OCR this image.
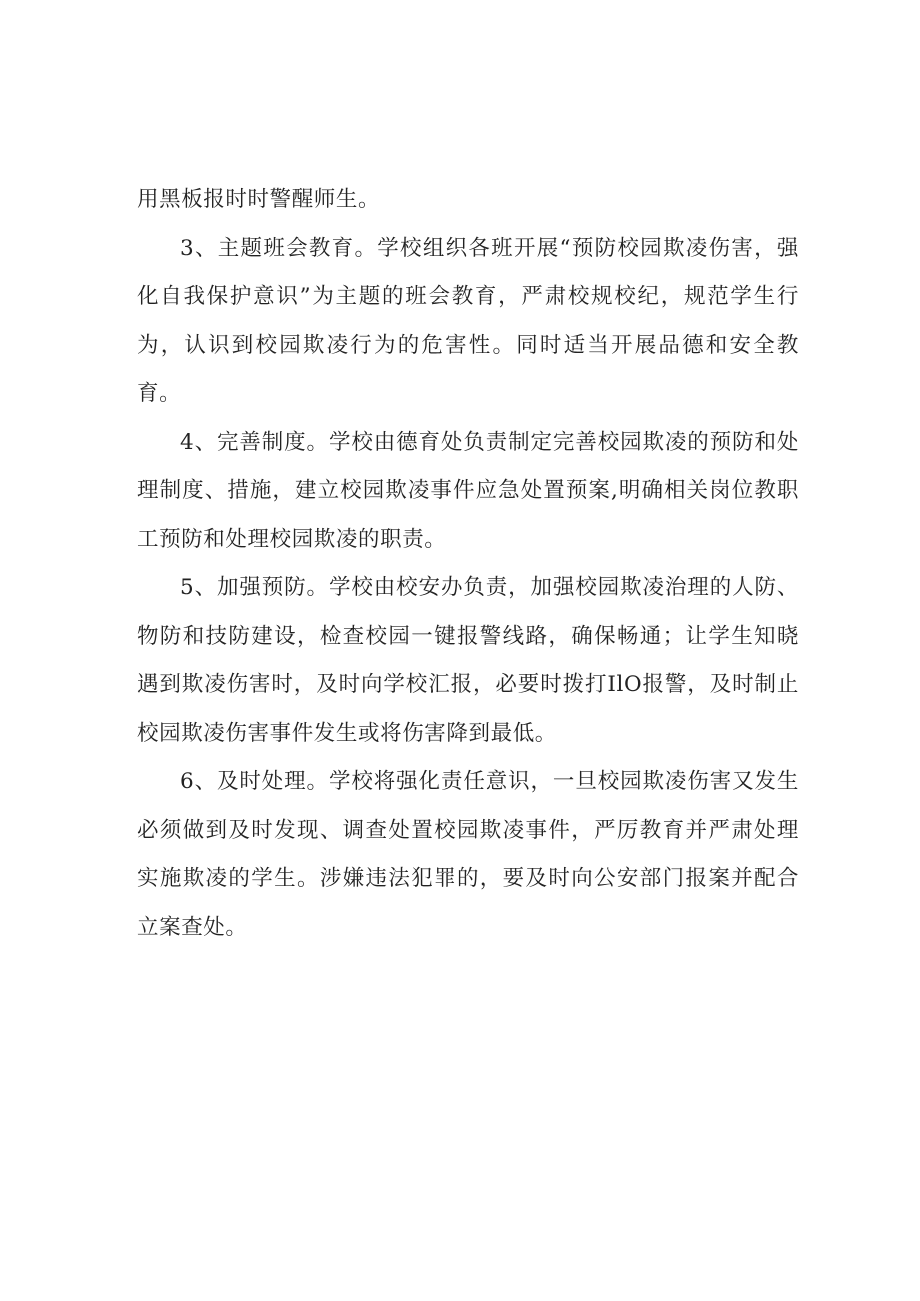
用黑板报时时警醒师生。

3、主题班会教育。学校组织各班开展“预防校园欺凌伤害，强化自我保护意识”为主题的班会教育，严肃校规校纪，规范学生行为，认识到校园欺凌行为的危害性。同时适当开展品德和安全教育。

4、完善制度。学校由德育处负责制定完善校园欺凌的预防和处理制度、措施，建立校园欺凌事件应急处置预案,明确相关岗位教职工预防和处理校园欺凌的职责。

5、加强预防。学校由校安办负责，加强校园欺凌治理的人防、物防和技防建设，检查校园一键报警线路，确保畅通；让学生知晓遇到欺凌伤害时，及时向学校汇报，必要时拨打IlO报警，及时制止校园欺凌伤害事件发生或将伤害降到最低。

6、及时处理。学校将强化责任意识，一旦校园欺凌伤害又发生必须做到及时发现、调查处置校园欺凌事件，严厉教育并严肃处理实施欺凌的学生。涉嫌违法犯罪的，要及时向公安部门报案并配合立案查处。
